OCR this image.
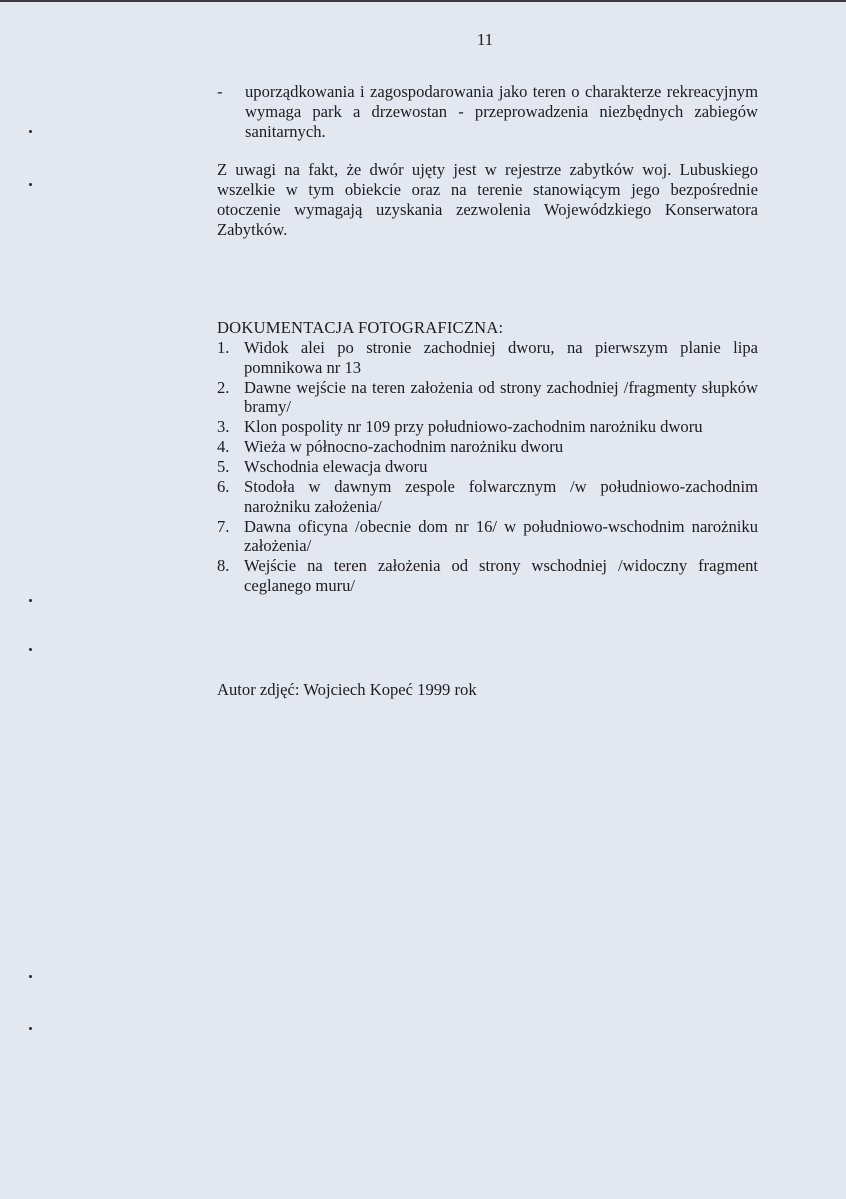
11
- uporządkowania i zagospodarowania jako teren o charakterze rekreacyjnym wymaga park a drzewostan - przeprowadzenia niezbędnych zabiegów sanitarnych.
Z uwagi na fakt, że dwór ujęty jest w rejestrze zabytków woj. Lubuskiego wszelkie w tym obiekcie oraz na terenie stanowiącym jego bezpośrednie otoczenie wymagają uzyskania zezwolenia Wojewódzkiego Konserwatora Zabytków.
DOKUMENTACJA FOTOGRAFICZNA:
1. Widok alei po stronie zachodniej dworu, na pierwszym planie lipa pomnikowa nr 13
2. Dawne wejście na teren założenia od strony zachodniej /fragmenty słupków bramy/
3. Klon pospolity nr 109 przy południowo-zachodnim narożniku dworu
4. Wieża w północno-zachodnim narożniku dworu
5. Wschodnia elewacja dworu
6. Stodoła w dawnym zespole folwarcznym /w południowo-zachodnim narożniku założenia/
7. Dawna oficyna /obecnie dom nr 16/ w południowo-wschodnim narożniku założenia/
8. Wejście na teren założenia od strony wschodniej /widoczny fragment ceglanego muru/
Autor zdjęć: Wojciech Kopeć 1999 rok
